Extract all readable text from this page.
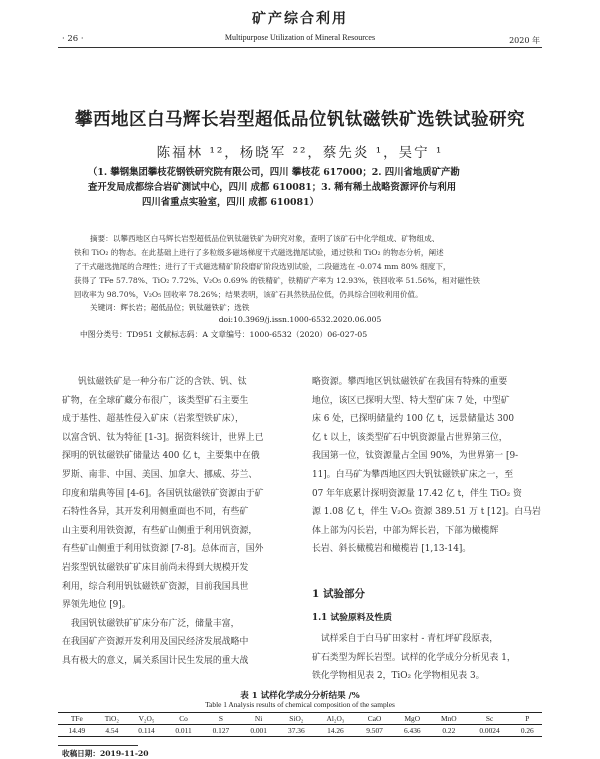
矿产综合利用
· 26 ·	Multipurpose Utilization of Mineral Resources	2020 年
攀西地区白马辉长岩型超低品位钒钛磁铁矿选铁试验研究
陈福林 ¹²，杨晓军 ²²，蔡先炎 ¹，吴宁 ¹
（1. 攀钢集团攀枝花钢铁研究院有限公司，四川 攀枝花 617000；2. 四川省地质矿产勘
查开发局成都综合岩矿测试中心，四川 成都 610081；3. 稀有稀土战略资源评价与利用
四川省重点实验室，四川 成都 610081）
摘要：以攀西地区白马辉长岩型超低品位钒钛磁铁矿为研究对象，查明了该矿石中化学组成、矿物组成、
铁和 TiO₂ 的物态。在此基础上进行了多粒级多磁场梯度干式磁选抛尾试验，通过铁和 TiO₂ 的物态分析，阐述
了干式磁选抛尾的合理性；进行了干式磁选精矿阶段磨矿阶段选别试验，二段磁选在 -0.074 mm 80% 细度下，
获得了 TFe 57.78%、TiO₂ 7.72%、V₂O₅ 0.69% 的铁精矿，铁精矿产率为 12.93%，铁回收率 51.56%，相对磁性铁
回收率为 98.70%，V₂O₅ 回收率 78.26%；结果表明，该矿石具然铁品位低，仍具综合回收利用价值。
关键词：辉长岩；超低品位；钒钛磁铁矿；选铁
doi:10.3969/j.issn.1000-6532.2020.06.005
中图分类号：TD951 文献标志码：A 文章编号：1000-6532（2020）06-027-05
钒钛磁铁矿是一种分布广泛的含铁、钒、钛
矿物，在全球矿藏分布很广，该类型矿石主要生
成于基性、超基性侵入矿床（岩浆型铁矿床），
以富含钒、钛为特征 [1-3]。据资料统计，世界上已
探明的钒钛磁铁矿储量达 400 亿 t，主要集中在俄
罗斯、南非、中国、美国、加拿大、挪威、芬兰、
印度和瑞典等国 [4-6]。各国钒钛磁铁矿资源由于矿
石特性各异，其开发利用侧重面也不同，有些矿
山主要利用铁资源，有些矿山侧重于利用钒资源，
有些矿山侧重于利用钛资源 [7-8]。总体而言，国外
岩浆型钒钛磁铁矿矿床目前尚未得到大规模开发
利用，综合利用钒钛磁铁矿资源，目前我国具世
界领先地位 [9]。
　我国钒钛磁铁矿矿床分布广泛，储量丰富，
在我国矿产资源开发利用及国民经济发展战略中
具有极大的意义，属关系国计民生发展的重大战
略资源。攀西地区钒钛磁铁矿在我国有特殊的重要
地位，该区已探明大型、特大型矿床 7 处，中型矿
床 6 处，已探明储量约 100 亿 t，远景储量达 300
亿 t 以上，该类型矿石中钒资源量占世界第三位，
我国第一位，钛资源量占全国 90%，为世界第一 [9-
11]。白马矿为攀西地区四大钒钛磁铁矿床之一，至
07 年年底累计探明资源量 17.42 亿 t，伴生 TiO₂ 资
源 1.08 亿 t，伴生 V₂O₅ 资源 389.51 万 t [12]。白马岩
体上部为闪长岩，中部为辉长岩，下部为橄榄辉
长岩、斜长橄榄岩和橄榄岩 [1,13-14]。
1 试验部分
1.1 试验原料及性质
　试样采自于白马矿田家村 - 青杠坪矿段原表，
矿石类型为辉长岩型。试样的化学成分分析见表 1，
铁化学物相见表 2，TiO₂ 化学物相见表 3。
表 1 试样化学成分分析结果 /%
Table 1 Analysis results of chemical composition of the samples
TFe	TiO₂	V₂O₅	Co	S	Ni	SiO₂	Al₂O₃	CaO	MgO	MnO	Sc	P
14.49	4.54	0.114	0.011	0.127	0.001	37.36	14.26	9.507	6.436	0.22	0.0024	0.26
收稿日期：2019-11-20
